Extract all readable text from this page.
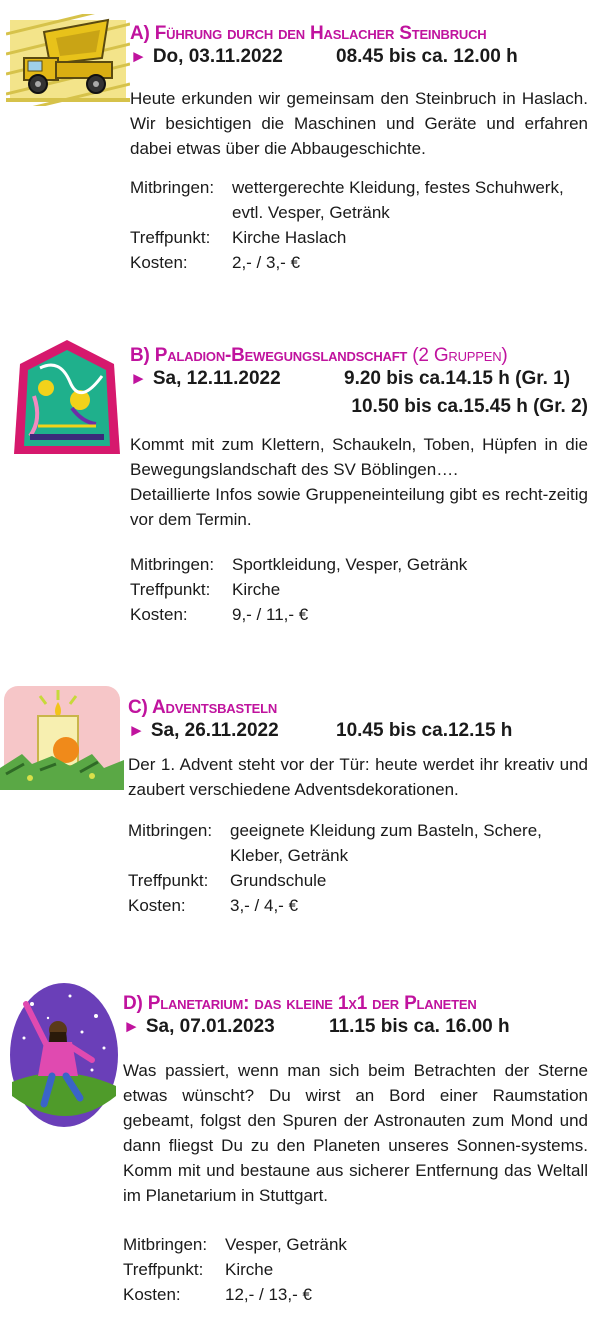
A) Führung durch den Haslacher Steinbruch
► Do, 03.11.2022	08.45 bis ca. 12.00 h
Heute erkunden wir gemeinsam den Steinbruch in Haslach. Wir besichtigen die Maschinen und Geräte und erfahren dabei etwas über die Abbaugeschichte.
Mitbringen:	wettergerechte Kleidung, festes Schuhwerk, evtl. Vesper, Getränk
Treffpunkt:	Kirche Haslach
Kosten:	2,- / 3,- €
B) Paladion-Bewegungslandschaft (2 Gruppen)
► Sa, 12.11.2022	9.20 bis ca.14.15 h (Gr. 1)
10.50 bis ca.15.45 h (Gr. 2)
Kommt mit zum Klettern, Schaukeln, Toben, Hüpfen in die Bewegungslandschaft des SV Böblingen….
Detaillierte Infos sowie Gruppeneinteilung gibt es recht-zeitig vor dem Termin.
Mitbringen:	Sportkleidung, Vesper, Getränk
Treffpunkt:	Kirche
Kosten:	9,- / 11,- €
C) Adventsbasteln
► Sa, 26.11.2022	10.45 bis ca.12.15 h
Der 1. Advent steht vor der Tür: heute werdet ihr kreativ und zaubert verschiedene Adventsdekorationen.
Mitbringen:	geeignete Kleidung zum Basteln, Schere, Kleber, Getränk
Treffpunkt:	Grundschule
Kosten:	3,- / 4,- €
D) Planetarium: das kleine 1x1 der Planeten
► Sa, 07.01.2023	11.15 bis ca. 16.00 h
Was passiert, wenn man sich beim Betrachten der Sterne etwas wünscht? Du wirst an Bord einer Raumstation gebeamt, folgst den Spuren der Astronauten zum Mond und dann fliegst Du zu den Planeten unseres Sonnen-systems. Komm mit und bestaune aus sicherer Entfernung das Weltall im Planetarium in Stuttgart.
Mitbringen:	Vesper, Getränk
Treffpunkt:	Kirche
Kosten:	12,- / 13,- €
